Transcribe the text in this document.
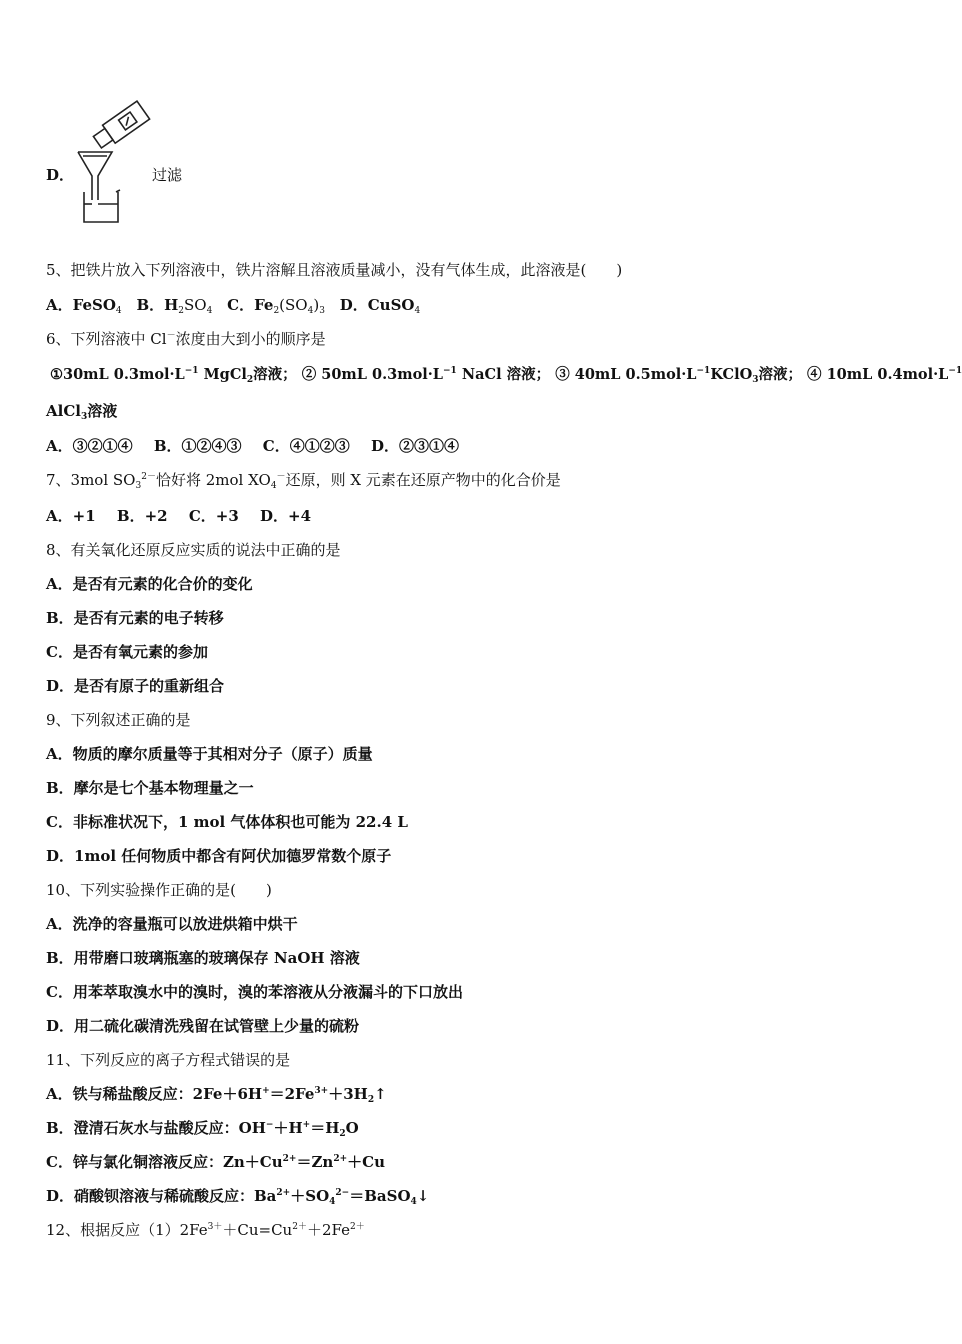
D．	过滤
5、把铁片放入下列溶液中，铁片溶解且溶液质量减小，没有气体生成，此溶液是(　　)
A．FeSO$_4$ B．$H_2SO_4$ C．$Fe_2(SO_4)_3$ D．CuSO$_4$
6、下列溶液中 Cl－浓度由大到小的顺序是
①30mL $0.3mol\cdot L^{-1}$ MgCl$_2$溶液； ② 50mL $0.3mol\cdot L^{-1}$ NaCl 溶液； ③ 40mL $0.5mol\cdot L^{-1}KClO_3$溶液； ④ 10mL $0.4mol\cdot L^{-1}$
AlCl$_3$溶液
A．③②①④ B．①②④③ C．④①②③ D．②③①④
7、3mol $SO_3^{2-}$恰好将 2mol $XO_4^-$还原，则 X 元素在还原产物中的化合价是
A．+1 B．+2 C．+3 D．+4
8、有关氧化还原反应实质的说法中正确的是
A．是否有元素的化合价的变化
B．是否有元素的电子转移
C．是否有氧元素的参加
D．是否有原子的重新组合
9、下列叙述正确的是
A．物质的摩尔质量等于其相对分子（原子）质量
B．摩尔是七个基本物理量之一
C．非标准状况下，1 mol 气体体积也可能为 22.4 L
D．1mol 任何物质中都含有阿伏加德罗常数个原子
10、下列实验操作正确的是(　　)
A．洗净的容量瓶可以放进烘箱中烘干
B．用带磨口玻璃瓶塞的玻璃保存 NaOH 溶液
C．用苯萃取溴水中的溴时，溴的苯溶液从分液漏斗的下口放出
D．用二硫化碳清洗残留在试管壁上少量的硫粉
11、下列反应的离子方程式错误的是
A．铁与稀盐酸反应：$2Fe+6H^+=2Fe^{3+}+3H_2↑$
B．澄清石灰水与盐酸反应：$OH^-+H^+=H_2O$
C．锌与氯化铜溶液反应：$Zn+Cu^{2+}=Zn^{2+}+Cu$
D．硝酸钡溶液与稀硫酸反应：$Ba^{2+}+SO_4^{2-}=BaSO_4↓$
12、根据反应$(1)2Fe^{3+}+Cu=Cu^{2+}+2Fe^{2+}$
